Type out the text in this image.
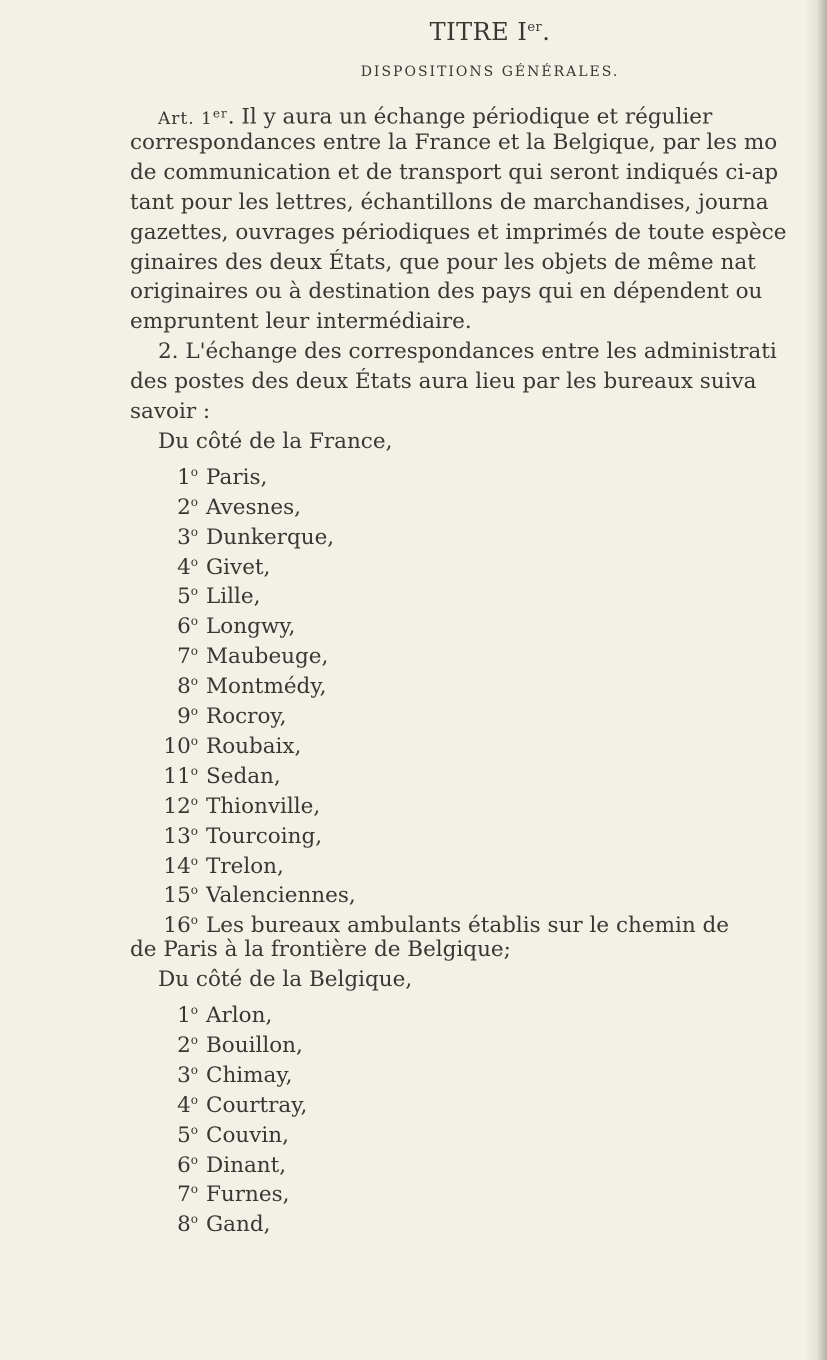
TITRE Ier.
DISPOSITIONS GÉNÉRALES.
Art. 1er. Il y aura un échange périodique et régulier
correspondances entre la France et la Belgique, par les mo
de communication et de transport qui seront indiqués ci-ap
tant pour les lettres, échantillons de marchandises, journa
gazettes, ouvrages périodiques et imprimés de toute espèce
ginaires des deux États, que pour les objets de même nat
originaires ou à destination des pays qui en dépendent ou
empruntent leur intermédiaire.
2. L'échange des correspondances entre les administrati
des postes des deux États aura lieu par les bureaux suiva
savoir :
Du côté de la France,
1$^o$ Paris,
2$^o$ Avesnes,
3$^o$ Dunkerque,
4$^o$ Givet,
5$^o$ Lille,
6$^o$ Longwy,
7$^o$ Maubeuge,
8$^o$ Montmédy,
9$^o$ Rocroy,
10$^o$ Roubaix,
11$^o$ Sedan,
12$^o$ Thionville,
13$^o$ Tourcoing,
14$^o$ Trelon,
15$^o$ Valenciennes,
16$^o$ Les bureaux ambulants établis sur le chemin de
de Paris à la frontière de Belgique;
Du côté de la Belgique,
1$^o$ Arlon,
2$^o$ Bouillon,
3$^o$ Chimay,
4$^o$ Courtray,
5$^o$ Couvin,
6$^o$ Dinant,
7$^o$ Furnes,
8$^o$ Gand,
